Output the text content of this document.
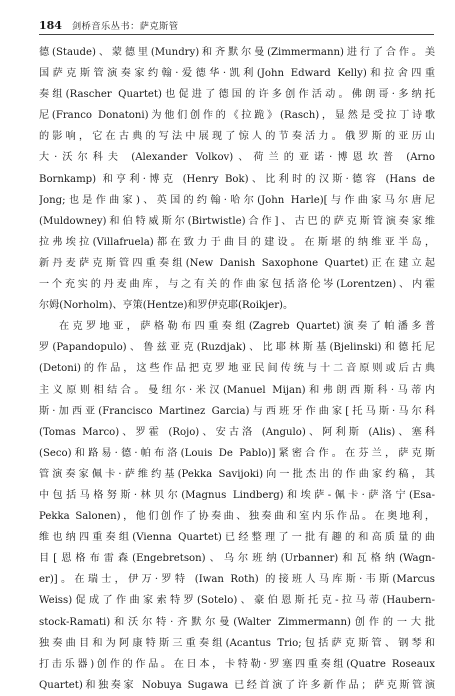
184 剑桥音乐丛书：萨克斯管
德(Staude)、蒙德里(Mundry)和齐默尔曼(Zimmermann)进行了合作。美
国萨克斯管演奏家约翰·爱德华·凯利(John Edward Kelly)和拉舍四重
奏组(Rascher Quartet)也促进了德国的许多创作活动。佛朗哥·多纳托
尼(Franco Donatoni)为他们创作的《拉跪》(Rasch)，显然是受拉丁诗歌
的影响，它在古典的写法中展现了惊人的节奏活力。俄罗斯的亚历山
大·沃尔科夫 (Alexander Volkov)、荷兰的亚诺·博恩坎普 (Arno
Bornkamp) 和亨利·博克 (Henry Bok)、比利时的汉斯·德容 (Hans de
Jong;也是作曲家)、英国的约翰·哈尔(John Harle)[与作曲家马尔唐尼
(Muldowney)和伯特威斯尔(Birtwistle)合作]、古巴的萨克斯管演奏家维
拉弗埃拉(Villafruela)都在致力于曲目的建设。在斯堪的纳维亚半岛，
新丹麦萨克斯管四重奏组(New Danish Saxophone Quartet)正在建立起
一个充实的丹麦曲库，与之有关的作曲家包括洛伦岑(Lorentzen)、内霍
尔姆(Norholm)、亨策(Hentze)和罗伊克耶(Roikjer)。
在克罗地亚，萨格勒布四重奏组(Zagreb Quartet)演奏了帕潘多普
罗(Papandopulo)、鲁兹亚克(Ruzdjak)、比耶林斯基(Bjelinski)和德托尼
(Detoni)的作品，这些作品把克罗地亚民间传统与十二音原则或后古典
主义原则相结合。曼纽尔·米汉(Manuel Mijan)和弗朗西斯科·马蒂内
斯·加西亚(Francisco Martinez Garcia)与西班牙作曲家[托马斯·马尔科
(Tomas Marco)、罗霍 (Rojo)、安古洛 (Angulo)、阿利斯 (Alis)、塞科
(Seco)和路易·德·帕布洛(Louis De Pablo)]紧密合作。在芬兰，萨克斯
管演奏家佩卡·萨维约基(Pekka Savijoki)向一批杰出的作曲家约稿，其
中包括马格努斯·林贝尔(Magnus Lindberg)和埃萨-佩卡·萨洛宁(Esa-
Pekka Salonen)，他们创作了协奏曲、独奏曲和室内乐作品。在奥地利，
维也纳四重奏组(Vienna Quartet)已经整理了一批有趣的和高质量的曲
目[恩格布雷森(Engebretson)、乌尔班纳(Urbanner)和瓦格纳(Wagn-
er)]。在瑞士，伊万·罗特 (Iwan Roth) 的接班人马库斯·韦斯(Marcus
Weiss)促成了作曲家索特罗(Sotelo)、豪伯恩斯托克-拉马蒂(Haubern-
stock-Ramati)和沃尔特·齐默尔曼(Walter Zimmermann)创作的一大批
独奏曲目和为阿康特斯三重奏组(Acantus Trio;包括萨克斯管、钢琴和
打击乐器)创作的作品。在日本，卡特勒·罗塞四重奏组(Quatre Roseaux
Quartet)和独奏家 Nobuya Sugawa 已经首演了许多新作品；萨克斯管演
